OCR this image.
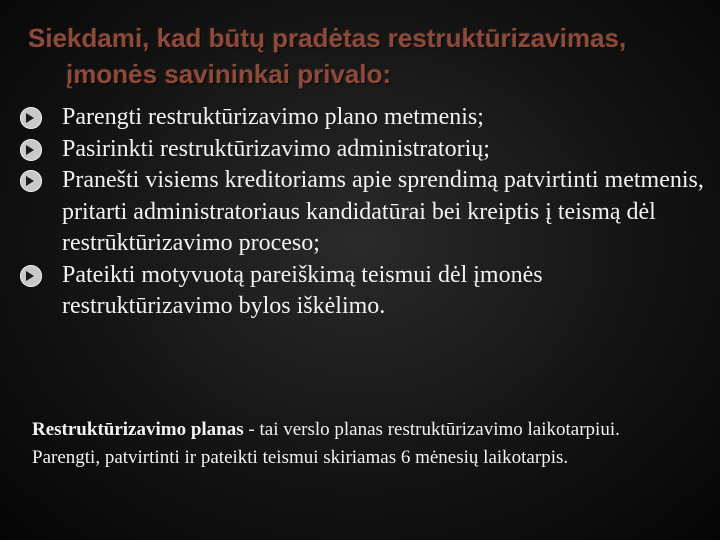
Siekdami, kad būtų pradėtas restruktūrizavimas,
įmonės savininkai privalo:
Parengti restruktūrizavimo plano metmenis;
Pasirinkti restruktūrizavimo administratorių;
Pranešti visiems kreditoriams apie sprendimą patvirtinti metmenis, pritarti administratoriaus kandidatūrai bei kreiptis į teismą dėl restrūktūrizavimo proceso;
Pateikti motyvuotą pareiškimą teismui dėl įmonės restruktūrizavimo bylos iškėlimo.
Restruktūrizavimo planas - tai verslo planas restruktūrizavimo laikotarpiui. Parengti, patvirtinti ir pateikti teismui skiriamas 6 mėnesių laikotarpis.
